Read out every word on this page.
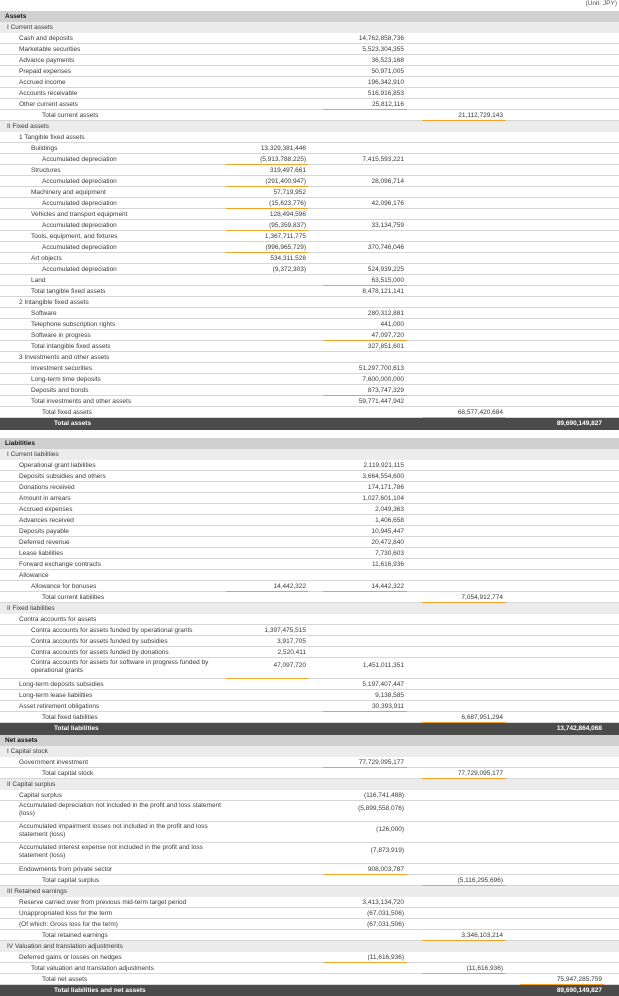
(Unit: JPY)
Assets
I Current assets
Cash and deposits	14,762,858,736
Marketable securities	5,523,304,355
Advance payments	36,523,168
Prepaid expenses	50,971,005
Accrued income	196,342,910
Accounts receivable	516,916,853
Other current assets	25,812,116
Total current assets	21,112,729,143
II Fixed assets
1 Tangible fixed assets
Buildings	13,329,381,446
Accumulated depreciation	(5,913,788,225)	7,415,593,221
Structures	319,497,661
Accumulated depreciation	(291,400,947)	28,096,714
Machinery and equipment	57,719,952
Accumulated depreciation	(15,623,776)	42,096,176
Vehicles and transport equipment	128,494,596
Accumulated depreciation	(95,359,837)	33,134,759
Tools, equipment, and fixtures	1,367,711,775
Accumulated depreciation	(996,965,729)	370,746,046
Art objects	534,311,528
Accumulated depreciation	(9,372,303)	524,939,225
Land	63,515,000
Total tangible fixed assets	8,478,121,141
2 Intangible fixed assets
Software	280,312,881
Telephone subscription rights	441,000
Software in progress	47,097,720
Total intangible fixed assets	327,851,601
3 Investments and other assets
Investment securities	51,297,700,613
Long-term time deposits	7,600,000,000
Deposits and bonds	873,747,329
Total investments and other assets	59,771,447,942
Total fixed assets	68,577,420,684
Total assets	89,690,149,827
Liabilities
I Current liabilities
Operational grant liabilities	2,119,921,115
Deposits subsidies and others	3,664,554,600
Donations received	174,171,786
Amount in arrears	1,027,601,104
Accrued expenses	2,049,363
Advances received	1,406,658
Deposits payable	10,945,447
Deferred revenue	20,472,840
Lease liabilities	7,730,603
Forward exchange contracts	11,616,936
Allowance
Allowance for bonuses	14,442,322	14,442,322
Total current liabilities	7,054,912,774
II Fixed liabilities
Contra accounts for assets
Contra accounts for assets funded by operational grants	1,397,475,515
Contra accounts for assets funded by subsidies	3,917,705
Contra accounts for assets funded by donations	2,520,411
Contra accounts for assets for software in progress funded by operational grants
47,097,720	1,451,011,351
Long-term deposits subsidies	5,197,407,447
Long-term lease liabilities	9,138,585
Asset retirement obligations	30,393,911
Total fixed liabilities	6,687,951,294
Total liabilities	13,742,864,068
Net assets
I Capital stock
Government investment	77,729,095,177
Total capital stock	77,729,095,177
II Capital surplus
Capital surplus	(116,741,488)
Accumulated depreciation not included in the profit and loss statement (loss)
(5,899,558,076)
Accumulated impairment losses not included in the profit and loss statement (loss)
(126,000)
Accumulated interest expense not included in the profit and loss statement (loss)
(7,873,919)
Endowments from private sector	908,003,787
Total capital surplus	(5,116,295,696)
III Retained earnings
Reserve carried over from previous mid-term target period	3,413,134,720
Unappropriated loss for the term	(67,031,506)
(Of which: Gross loss for the term)	(67,031,506)
Total retained earnings	3,346,103,214
IV Valuation and translation adjustments
Deferred gains or losses on hedges	(11,616,936)
Total valuation and translation adjustments	(11,616,936)
Total net assets	75,947,285,759
Total liabilities and net assets	89,690,149,827
